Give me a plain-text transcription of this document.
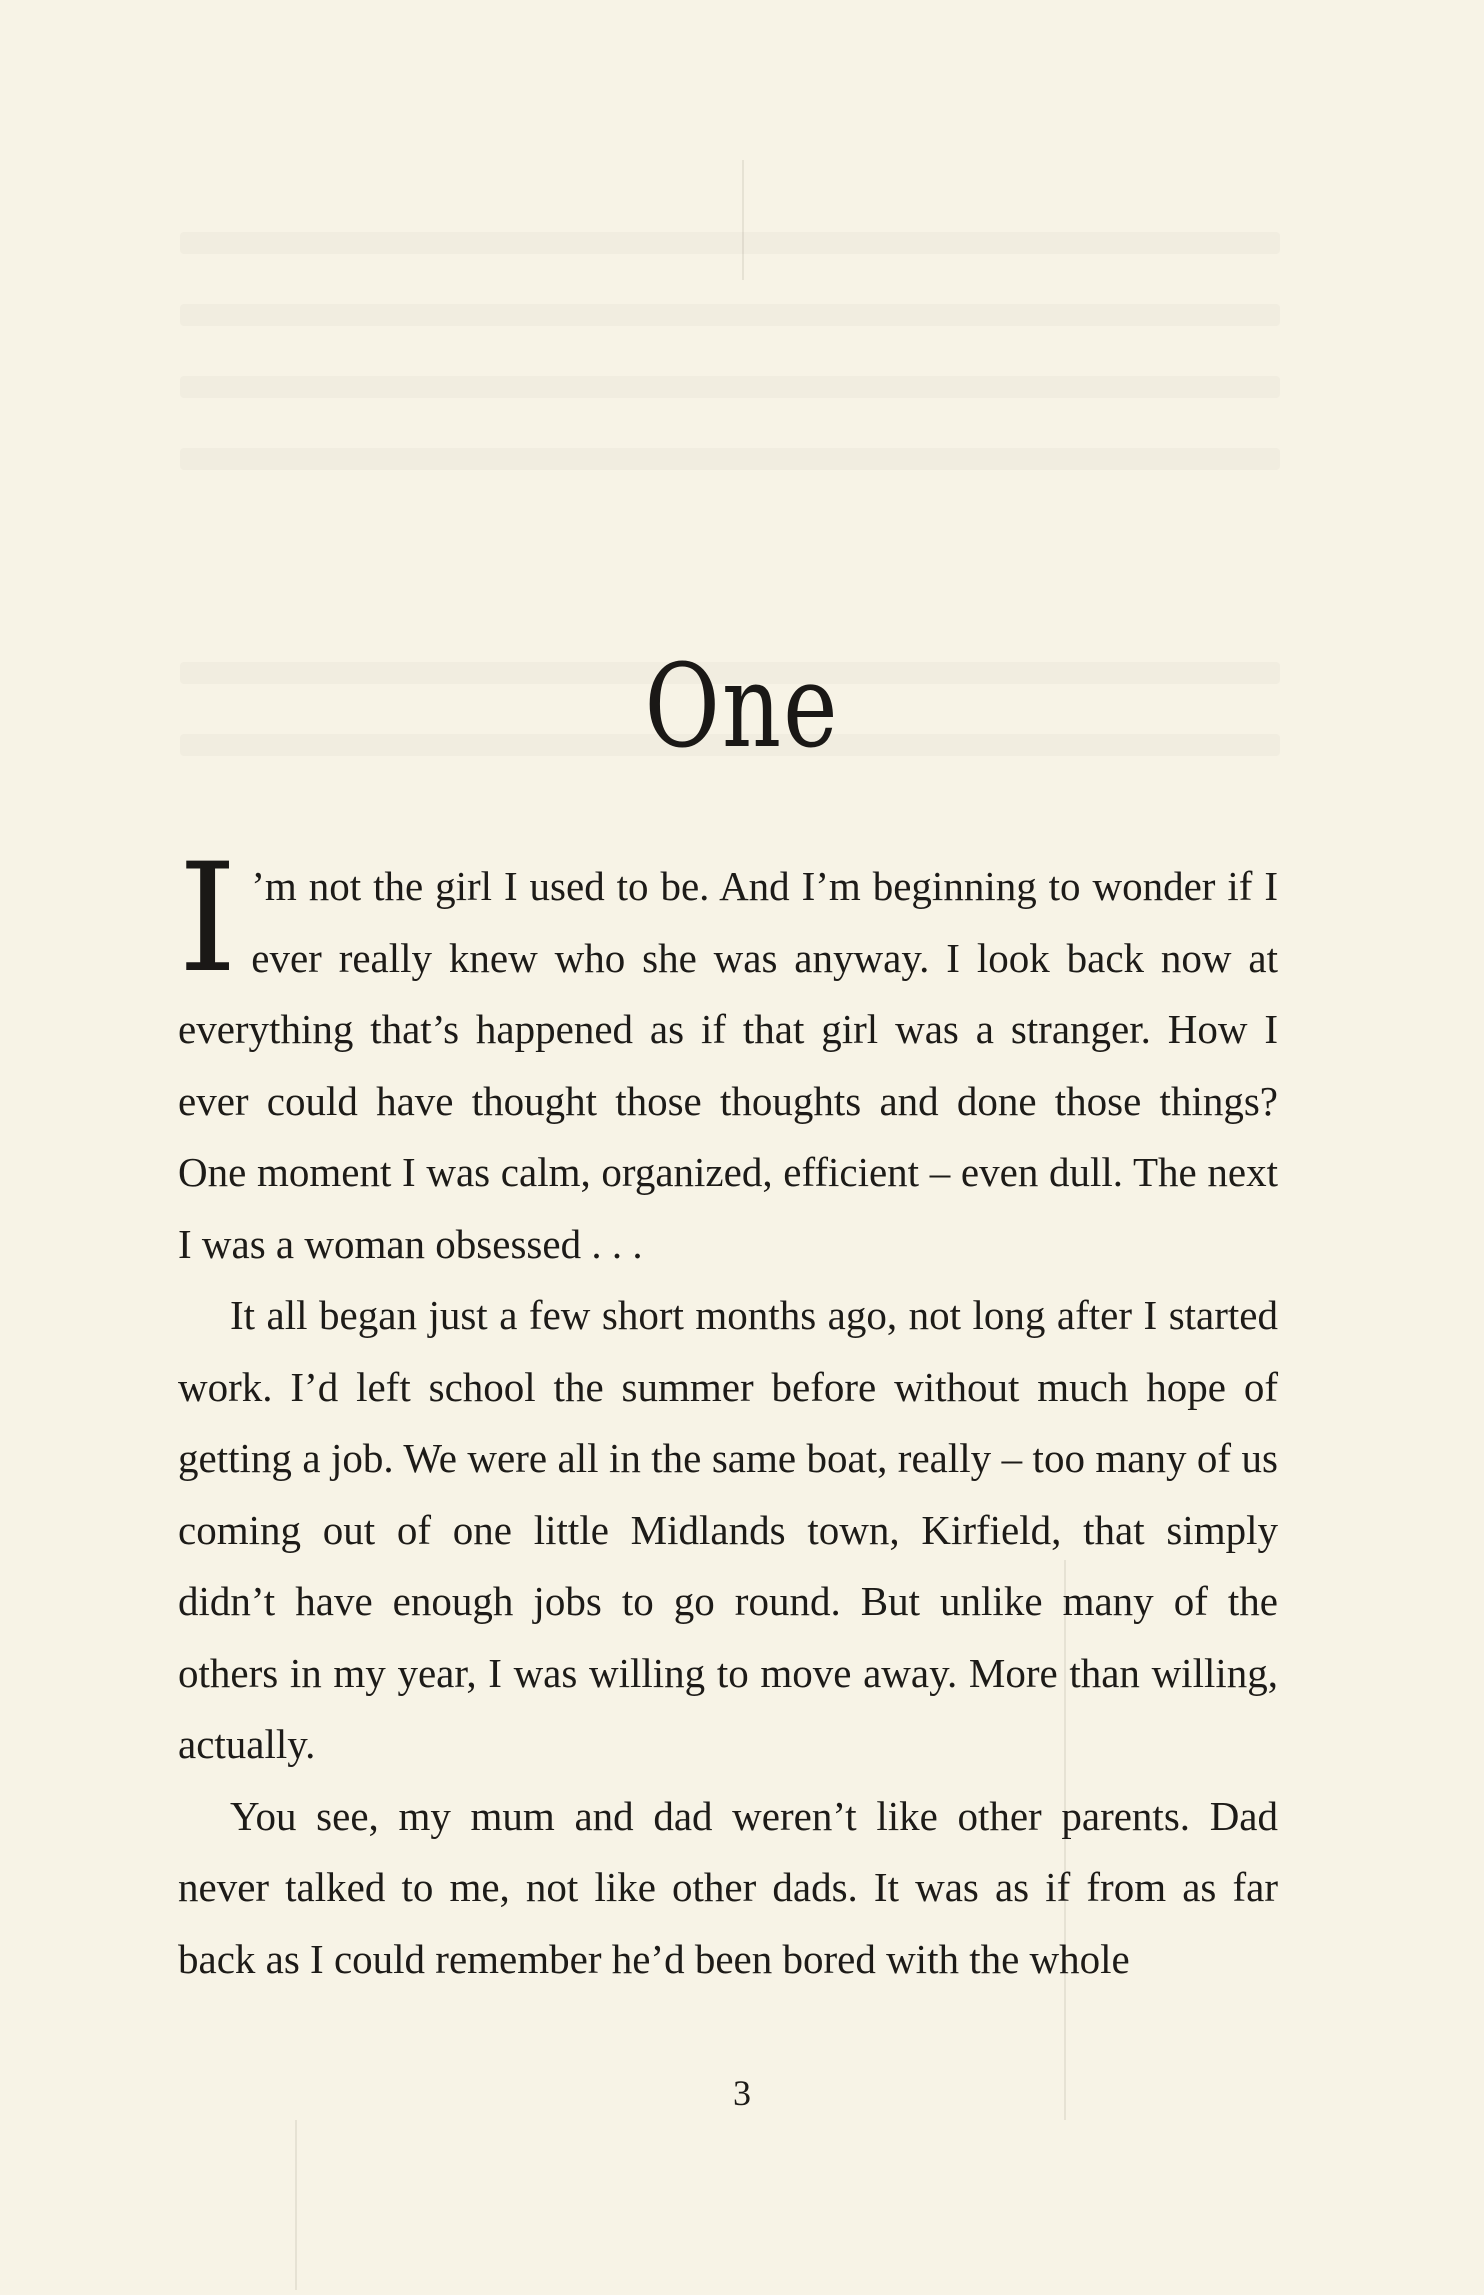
One

I ’m not the girl I used to be. And I’m beginning to wonder if I ever really knew who she was anyway. I look back now at everything that’s happened as if that girl was a stranger. How I ever could have thought those thoughts and done those things? One moment I was calm, organized, efficient – even dull. The next I was a woman obsessed . . .

It all began just a few short months ago, not long after I started work. I’d left school the summer before without much hope of getting a job. We were all in the same boat, really – too many of us coming out of one little Midlands town, Kirfield, that simply didn’t have enough jobs to go round. But unlike many of the others in my year, I was willing to move away. More than willing, actually.

You see, my mum and dad weren’t like other parents. Dad never talked to me, not like other dads. It was as if from as far back as I could remember he’d been bored with the whole

3
